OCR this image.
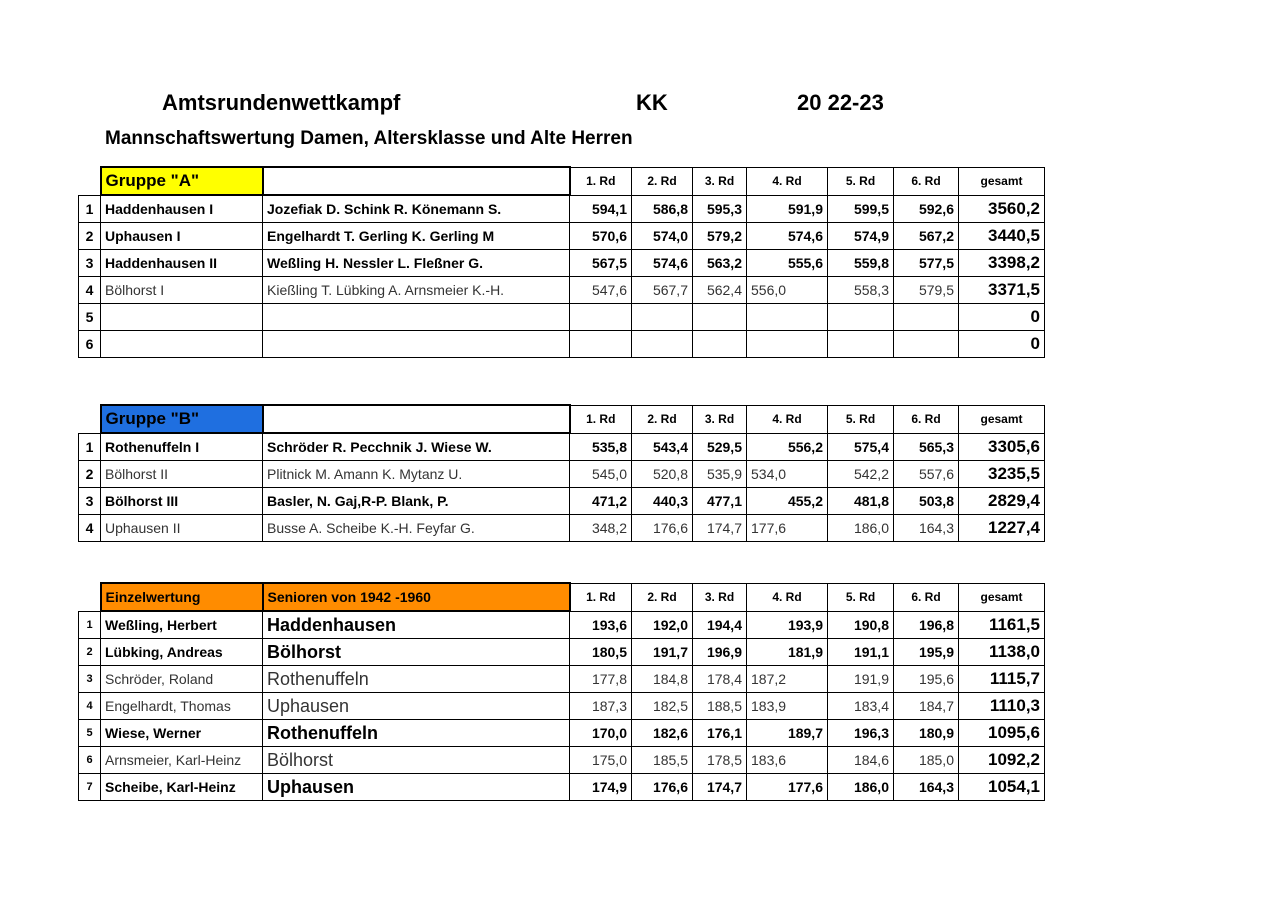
Amtsrundenwettkampf	KK	20 22-23
Mannschaftswertung Damen, Altersklasse und Alte Herren
	Gruppe "A"		1. Rd	2. Rd	3. Rd	4. Rd	5. Rd	6. Rd	gesamt
1	Haddenhausen I	Jozefiak D. Schink R. Könemann S.	594,1	586,8	595,3	591,9	599,5	592,6	3560,2
2	Uphausen I	Engelhardt T. Gerling K. Gerling M	570,6	574,0	579,2	574,6	574,9	567,2	3440,5
3	Haddenhausen II	Weßling H. Nessler L. Fleßner G.	567,5	574,6	563,2	555,6	559,8	577,5	3398,2
4	Bölhorst I	Kießling T. Lübking A. Arnsmeier K.-H.	547,6	567,7	562,4	556,0	558,3	579,5	3371,5
5									0
6									0
	Gruppe "B"		1. Rd	2. Rd	3. Rd	4. Rd	5. Rd	6. Rd	gesamt
1	Rothenuffeln I	Schröder R. Pecchnik J. Wiese W.	535,8	543,4	529,5	556,2	575,4	565,3	3305,6
2	Bölhorst II	Plitnick M. Amann K. Mytanz U.	545,0	520,8	535,9	534,0	542,2	557,6	3235,5
3	Bölhorst III	Basler, N. Gaj,R-P. Blank, P.	471,2	440,3	477,1	455,2	481,8	503,8	2829,4
4	Uphausen II	Busse A. Scheibe K.-H. Feyfar G.	348,2	176,6	174,7	177,6	186,0	164,3	1227,4
	Einzelwertung	Senioren von 1942 -1960	1. Rd	2. Rd	3. Rd	4. Rd	5. Rd	6. Rd	gesamt
1	Weßling, Herbert	Haddenhausen	193,6	192,0	194,4	193,9	190,8	196,8	1161,5
2	Lübking, Andreas	Bölhorst	180,5	191,7	196,9	181,9	191,1	195,9	1138,0
3	Schröder, Roland	Rothenuffeln	177,8	184,8	178,4	187,2	191,9	195,6	1115,7
4	Engelhardt, Thomas	Uphausen	187,3	182,5	188,5	183,9	183,4	184,7	1110,3
5	Wiese, Werner	Rothenuffeln	170,0	182,6	176,1	189,7	196,3	180,9	1095,6
6	Arnsmeier, Karl-Heinz	Bölhorst	175,0	185,5	178,5	183,6	184,6	185,0	1092,2
7	Scheibe, Karl-Heinz	Uphausen	174,9	176,6	174,7	177,6	186,0	164,3	1054,1
